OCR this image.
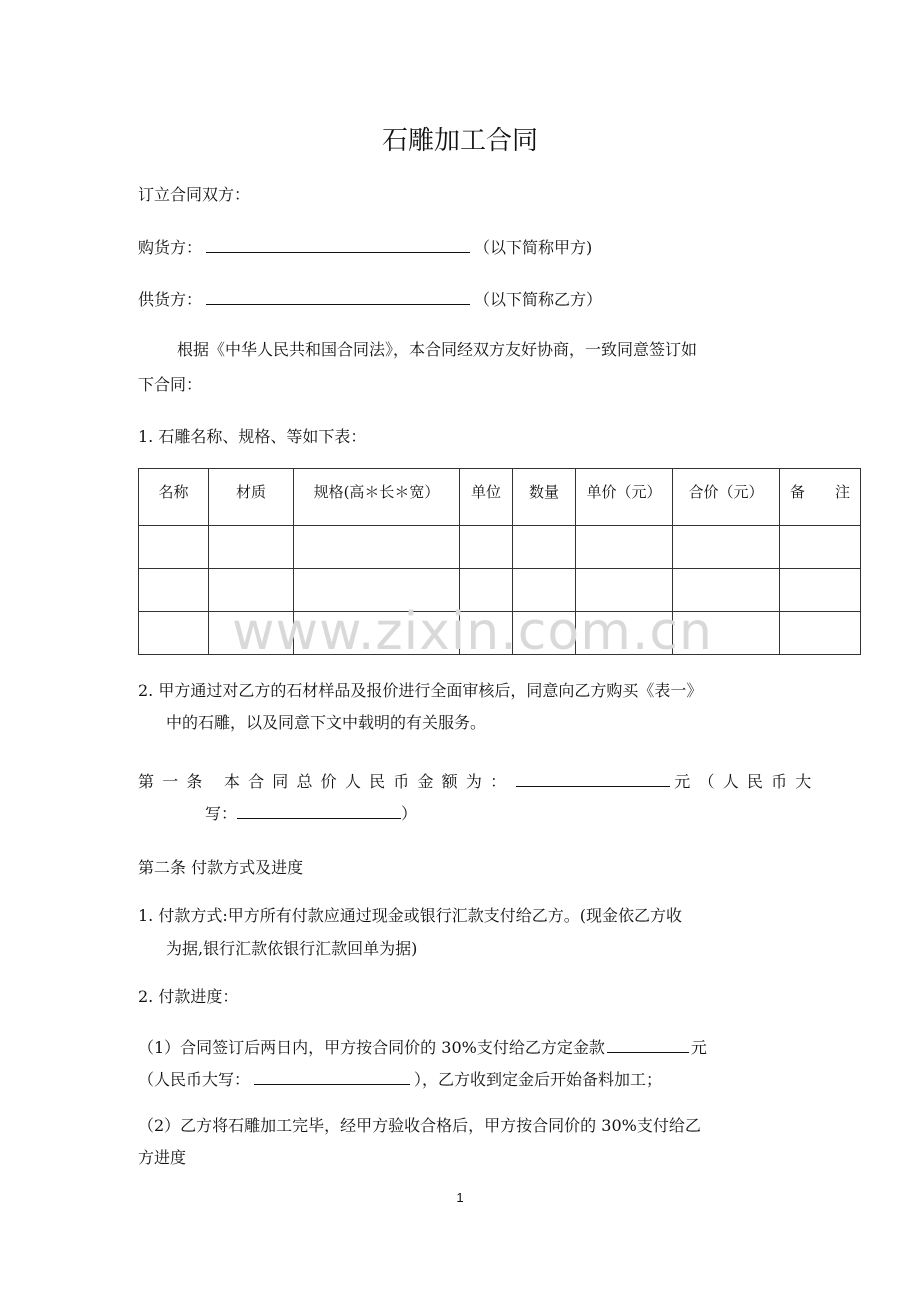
石雕加工合同
订立合同双方：
购货方：	（以下简称甲方)
供货方：	（以下简称乙方）
根据《中华人民共和国合同法》，本合同经双方友好协商，一致同意签订如
下合同：
1. 石雕名称、规格、等如下表：
名称	材质	规格(高＊长＊宽）	单位	数量	单价（元）	合价（元）	备　　注

www.zixin.com.cn
2. 甲方通过对乙方的石材样品及报价进行全面审核后，同意向乙方购买《表一》
中的石雕，以及同意下文中载明的有关服务。
第一条 本合同总价人民币金额为：	元（人民币大
写：	）
第二条 付款方式及进度
1. 付款方式:甲方所有付款应通过现金或银行汇款支付给乙方。(现金依乙方收
为据,银行汇款依银行汇款回单为据)
2. 付款进度：
（1）合同签订后两日内，甲方按合同价的 30%支付给乙方定金款	元
（人民币大写：	），乙方收到定金后开始备料加工；
（2）乙方将石雕加工完毕，经甲方验收合格后，甲方按合同价的 30%支付给乙
方进度
1
